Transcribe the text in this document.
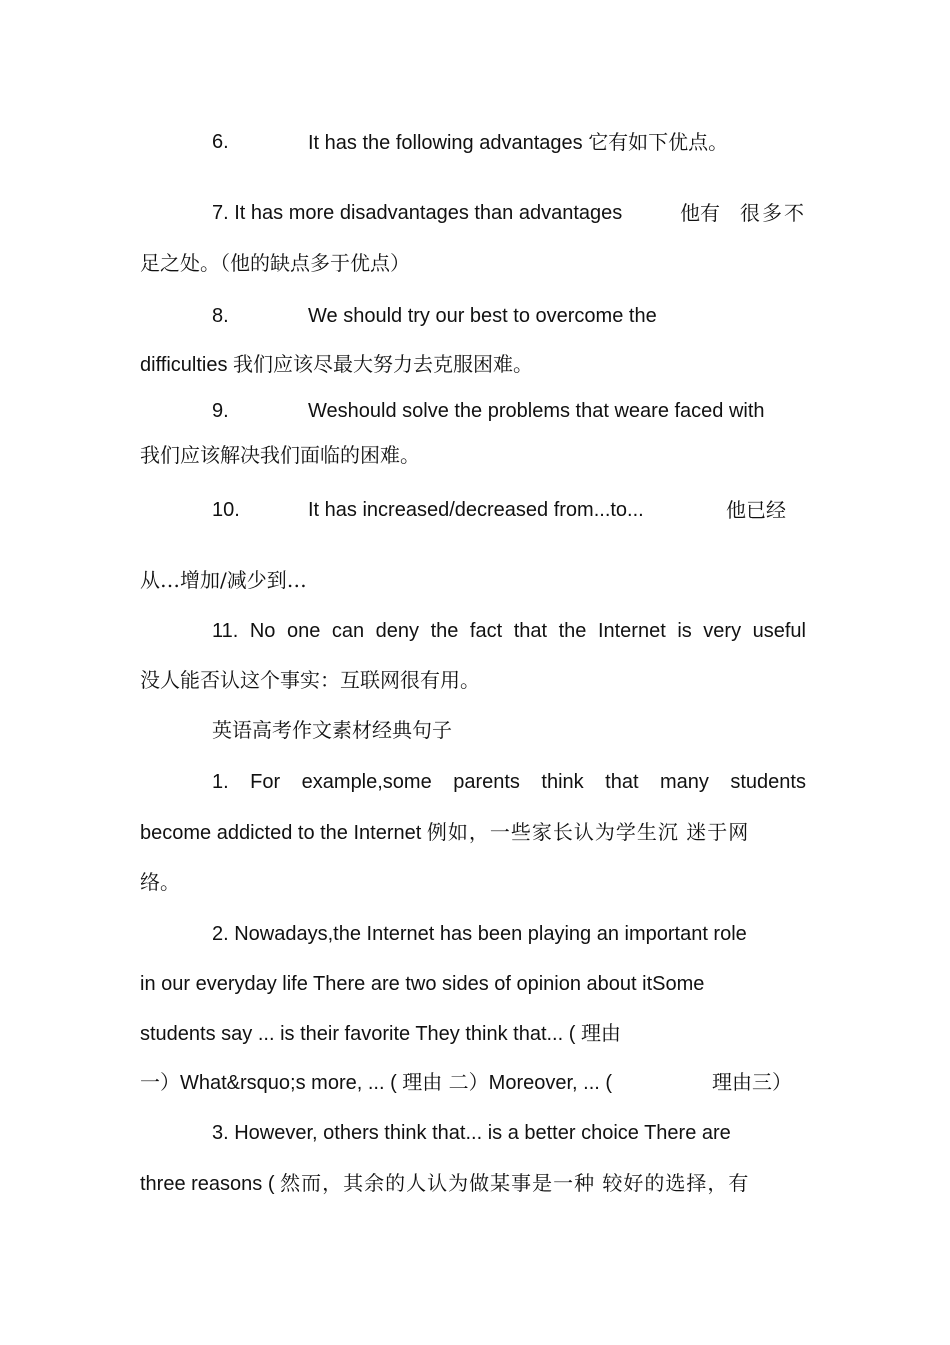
6.	It has the following advantages 它有如下优点。
7. It has more disadvantages than advantages	他有 很多不
足之处。（他的缺点多于优点）
8.	We should try our best to overcome the
difficulties 我们应该尽最大努力去克服困难。
9.	Weshould solve the problems that weare faced with
我们应该解决我们面临的困难。
10.	It has increased/decreased from...to...	他已经
从…增加/减少到…
11. No one can deny the fact that the Internet is very useful
没人能否认这个事实：互联网很有用。
英语高考作文素材经典句子
1. For example,some parents think that many students
become addicted to the Internet 例如，一些家长认为学生沉 迷于网
络。
2. Nowadays,the Internet has been playing an important role
in our everyday life There are two sides of opinion about itSome
students say ... is their favorite They think that... ( 理由
一）What&rsquo;s more, ... ( 理由 二）Moreover, ... (	理由三）
3. However, others think that... is a better choice There are
three reasons ( 然而，其余的人认为做某事是一种 较好的选择，有
